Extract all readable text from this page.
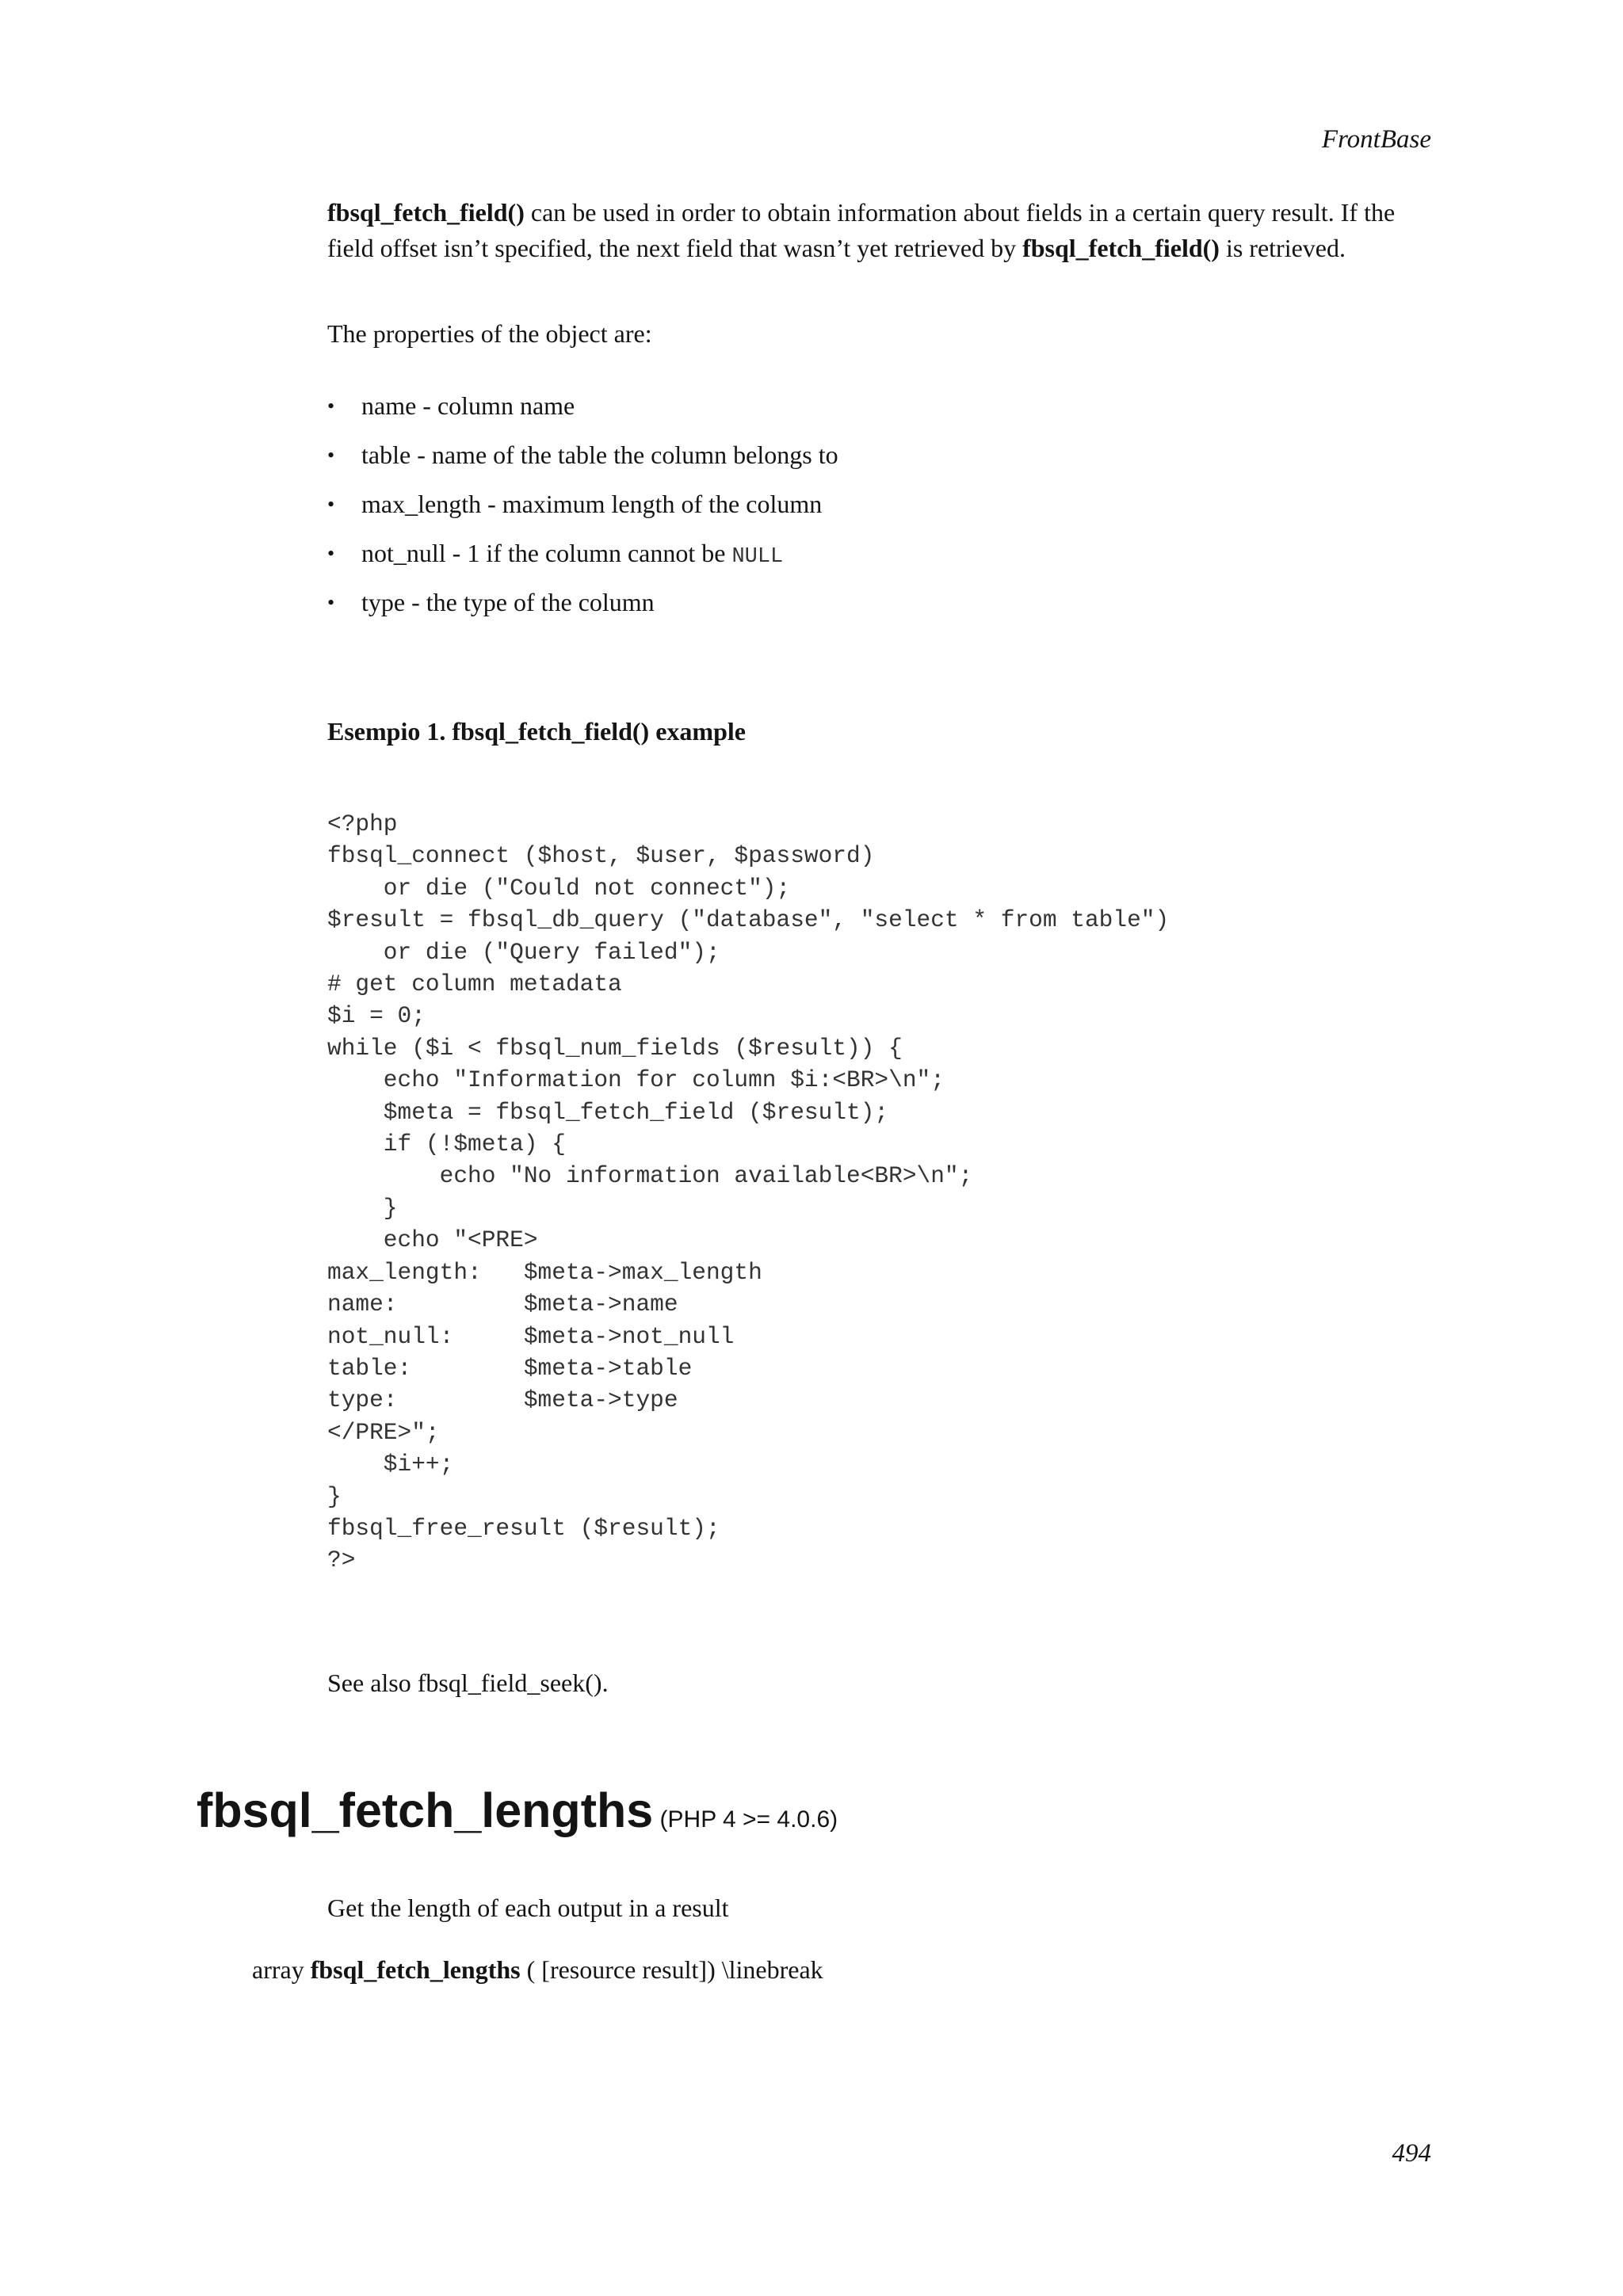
FrontBase

fbsql_fetch_field() can be used in order to obtain information about fields in a certain query result. If the field offset isn’t specified, the next field that wasn’t yet retrieved by fbsql_fetch_field() is retrieved.

The properties of the object are:

• name - column name
• table - name of the table the column belongs to
• max_length - maximum length of the column
• not_null - 1 if the column cannot be NULL
• type - the type of the column
Esempio 1. fbsql_fetch_field() example
<?php
fbsql_connect ($host, $user, $password)
or die ("Could not connect");
$result = fbsql_db_query ("database", "select * from table")
or die ("Query failed");
# get column metadata
$i = 0;
while ($i < fbsql_num_fields ($result)) {
echo "Information for column $i:<BR>\n";
$meta = fbsql_fetch_field ($result);
if (!$meta) {
echo "No information available<BR>\n";
}
echo "<PRE>
max_length:   $meta->max_length
name:         $meta->name
not_null:     $meta->not_null
table:        $meta->table
type:         $meta->type
</PRE>";
$i++;
}
fbsql_free_result ($result);
?>

See also fbsql_field_seek().

fbsql_fetch_lengths (PHP 4 >= 4.0.6)

Get the length of each output in a result

array fbsql_fetch_lengths ( [resource result]) \linebreak

494
